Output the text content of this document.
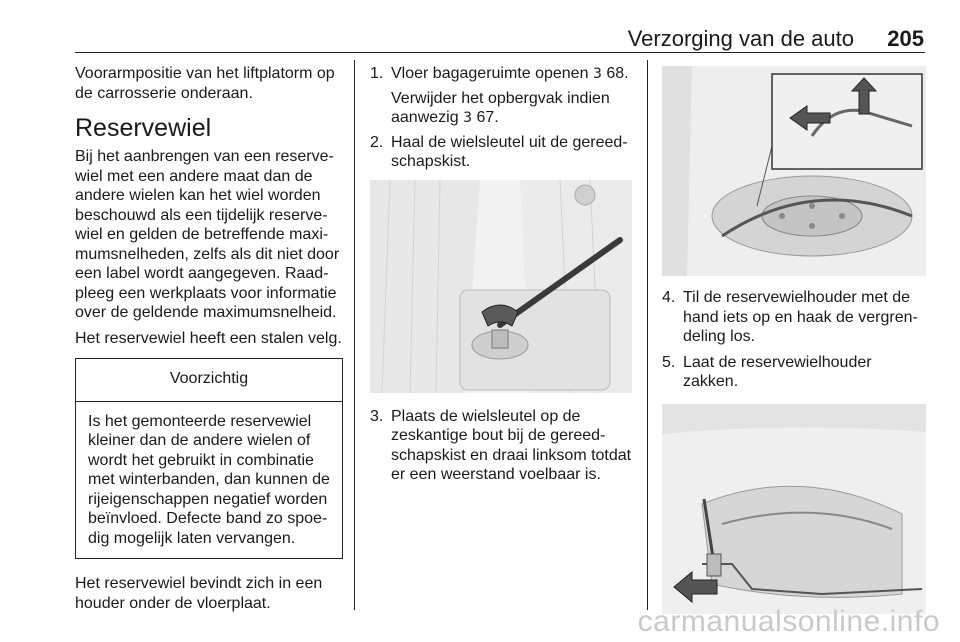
Verzorging van de auto 205

Voorarmpositie van het liftplatorm op de carrosserie onderaan.

Reservewiel

Bij het aanbrengen van een reserve-wiel met een andere maat dan de andere wielen kan het wiel worden beschouwd als een tijdelijk reserve-wiel en gelden de betreffende maxi-mumsnelheden, zelfs als dit niet door een label wordt aangegeven. Raad-pleeg een werkplaats voor informatie over de geldende maximumsnelheid.

Het reservewiel heeft een stalen velg.

Voorzichtig
Is het gemonteerde reservewiel kleiner dan de andere wielen of wordt het gebruikt in combinatie met winterbanden, dan kunnen de rijeigenschappen negatief worden beïnvloed. Defecte band zo spoe-dig mogelijk laten vervangen.

Het reservewiel bevindt zich in een houder onder de vloerplaat.

1. Vloer bagageruimte openen 3 68.
Verwijder het opbergvak indien aanwezig 3 67.
2. Haal de wielsleutel uit de gereed-schapskist.
3. Plaats de wielsleutel op de zeskantige bout bij de gereed-schapskist en draai linksom totdat er een weerstand voelbaar is.
4. Til de reservewielhouder met de hand iets op en haak de vergren-deling los.
5. Laat de reservewielhouder zakken.
carmanualsonline.info
